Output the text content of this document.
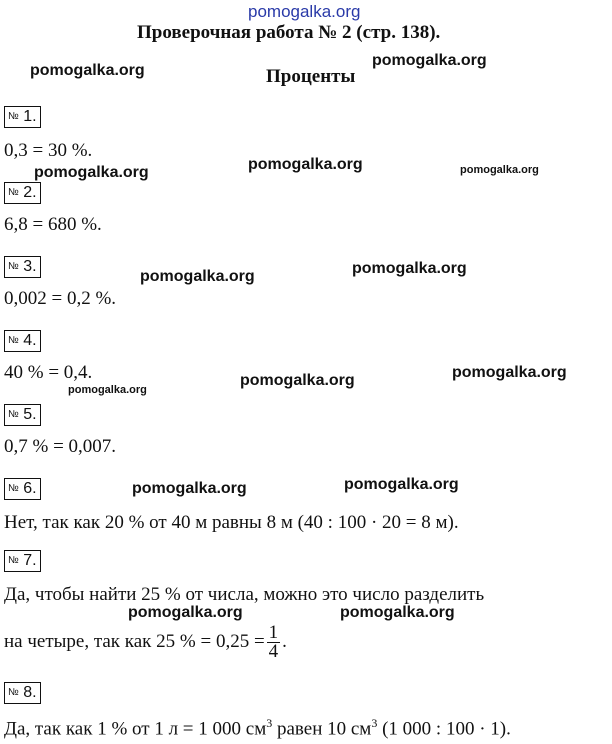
pomogalka.org
Проверочная работа № 2 (стр. 138).
Проценты
pomogalka.org
pomogalka.org
pomogalka.org	pomogalka.org
pomogalka.org
pomogalka.org	pomogalka.org
pomogalka.org	pomogalka.org
pomogalka.org
pomogalka.org	pomogalka.org
pomogalka.org	pomogalka.org
№ 1.
0,3 = 30 %.
№ 2.
6,8 = 680 %.
№ 3.
0,002 = 0,2 %.
№ 4.
40 % = 0,4.
№ 5.
0,7 % = 0,007.
№ 6.
Нет, так как 20 % от 40 м равны 8 м (40 : 100 · 20 = 8 м).
№ 7.
Да, чтобы найти 25 % от числа, можно это число разделить
на четыре, так как 25 % = $0,25 = \frac{1}{4}$ .
№ 8.
Да, так как 1 % от 1 л = 1 000 $см^3$ равен 10 $см^3$ (1 000 : 100 · 1).
